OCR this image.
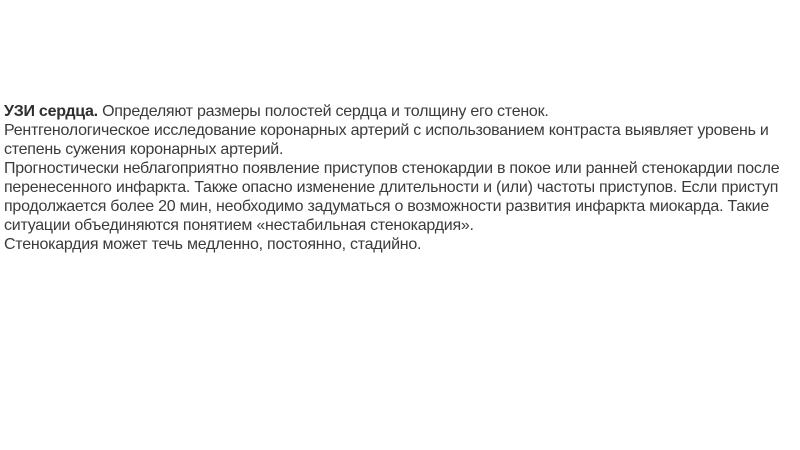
УЗИ сердца. Определяют размеры полостей сердца и толщину его стенок.
Рентгенологическое исследование коронарных артерий с использованием контраста выявляет уровень и
степень сужения коронарных артерий.
Прогностически неблагоприятно появление приступов стенокардии в покое или ранней стенокардии после
перенесенного инфаркта. Также опасно изменение длительности и (или) частоты приступов. Если приступ
продолжается более 20 мин, необходимо задуматься о возможности развития инфаркта миокарда. Такие
ситуации объединяются понятием «нестабильная стенокардия».
Стенокардия может течь медленно, постоянно, стадийно.
